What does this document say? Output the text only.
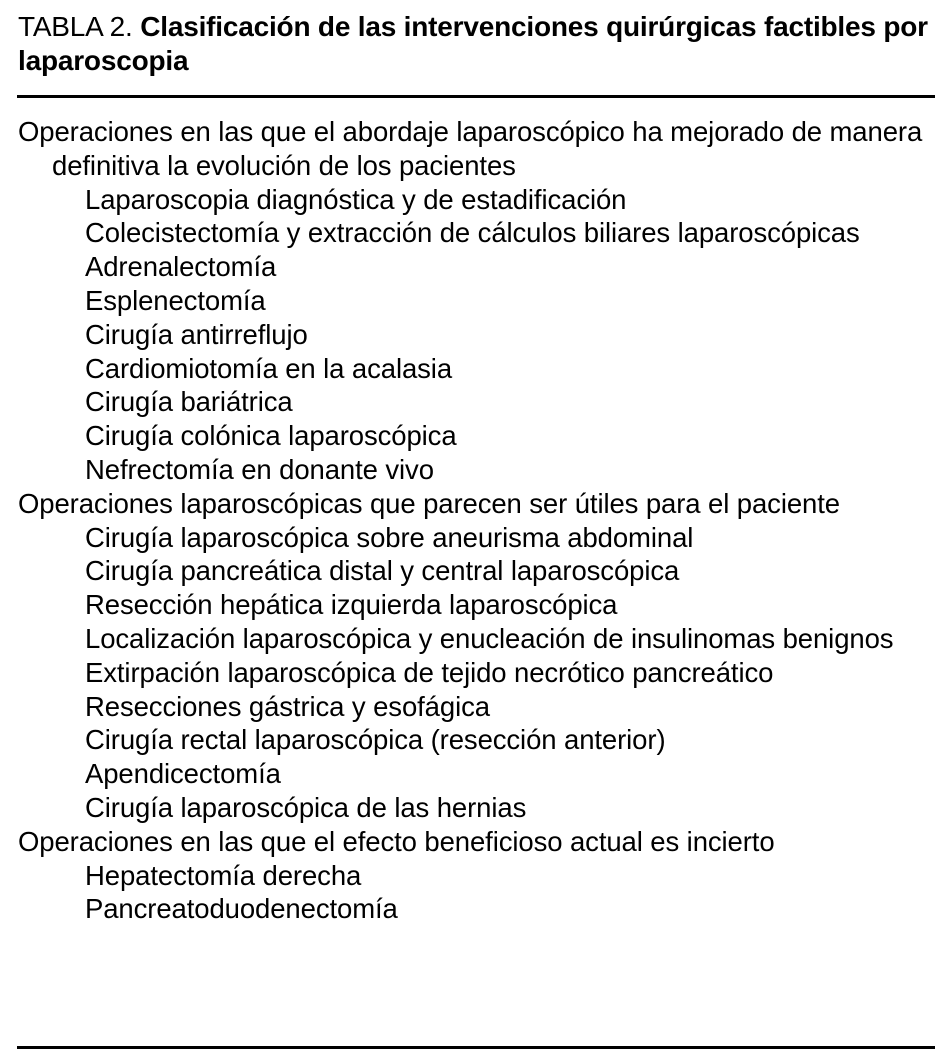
TABLA 2. Clasificación de las intervenciones quirúrgicas factibles por laparoscopia
Operaciones en las que el abordaje laparoscópico ha mejorado de manera definitiva la evolución de los pacientes
Laparoscopia diagnóstica y de estadificación
Colecistectomía y extracción de cálculos biliares laparoscópicas
Adrenalectomía
Esplenectomía
Cirugía antirreflujo
Cardiomiotomía en la acalasia
Cirugía bariátrica
Cirugía colónica laparoscópica
Nefrectomía en donante vivo
Operaciones laparoscópicas que parecen ser útiles para el paciente
Cirugía laparoscópica sobre aneurisma abdominal
Cirugía pancreática distal y central laparoscópica
Resección hepática izquierda laparoscópica
Localización laparoscópica y enucleación de insulinomas benignos
Extirpación laparoscópica de tejido necrótico pancreático
Resecciones gástrica y esofágica
Cirugía rectal laparoscópica (resección anterior)
Apendicectomía
Cirugía laparoscópica de las hernias
Operaciones en las que el efecto beneficioso actual es incierto
Hepatectomía derecha
Pancreatoduodenectomía
